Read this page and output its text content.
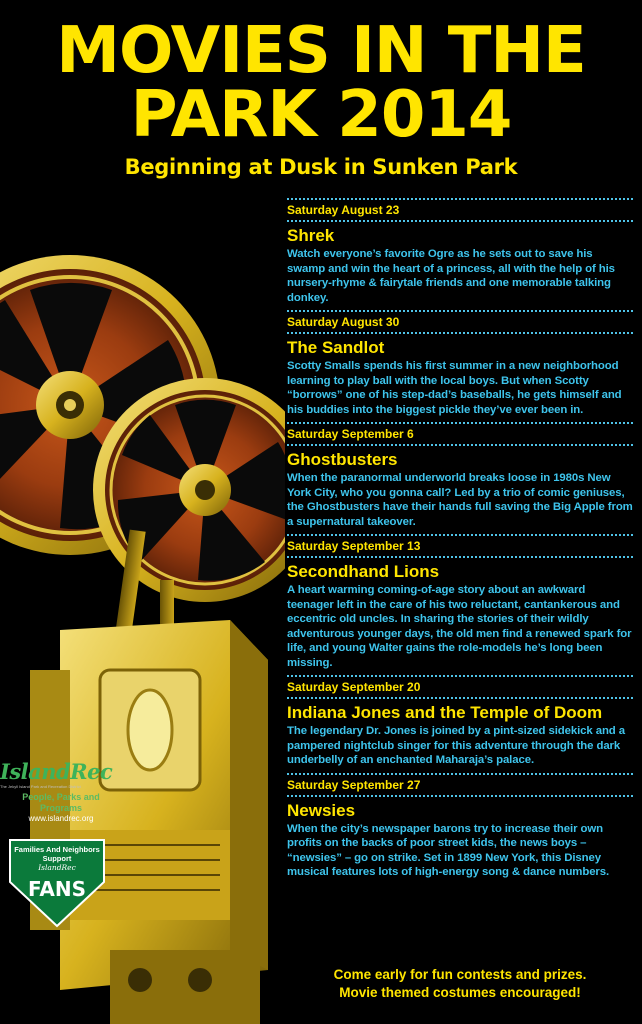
MOVIES IN THE
PARK 2014
Beginning at Dusk in Sunken Park
Saturday August 23
Shrek
Watch everyone’s favorite Ogre as he sets out to save his swamp and win the heart of a princess, all with the help of his nursery-rhyme & fairytale friends and one memorable talking donkey.
Saturday August 30
The Sandlot
Scotty Smalls spends his first summer in a new neighborhood learning to play ball with the local boys. But when Scotty “borrows” one of his step-dad’s baseballs, he gets himself and his buddies into the biggest pickle they’ve ever been in.
Saturday September 6
Ghostbusters
When the paranormal underworld breaks loose in 1980s New York City, who you gonna call? Led by a trio of comic geniuses, the Ghostbusters have their hands full saving the Big Apple from a supernatural takeover.
Saturday September 13
Secondhand Lions
A heart warming coming-of-age story about an awkward teenager left in the care of his two reluctant, cantankerous and eccentric old uncles. In sharing the stories of their wildly adventurous younger days, the old men find a renewed spark for life, and young Walter gains the role-models he’s long been missing.
Saturday September 20
Indiana Jones and the Temple of Doom
The legendary Dr. Jones is joined by a pint-sized sidekick and a pampered nightclub singer for this adventure through the dark underbelly of an enchanted Maharaja’s palace.
Saturday September 27
Newsies
When the city’s newspaper barons try to increase their own profits on the backs of poor street kids, the news boys – “newsies” – go on strike. Set in 1899 New York, this Disney musical features lots of high-energy song & dance numbers.
Come early for fun contests and prizes.
Movie themed costumes encouraged!
IslandRec
The Jekyll Island Park and Recreation District
People, Parks and Programs
www.islandrec.org
Families And Neighbors
Support
IslandRec
FANS
